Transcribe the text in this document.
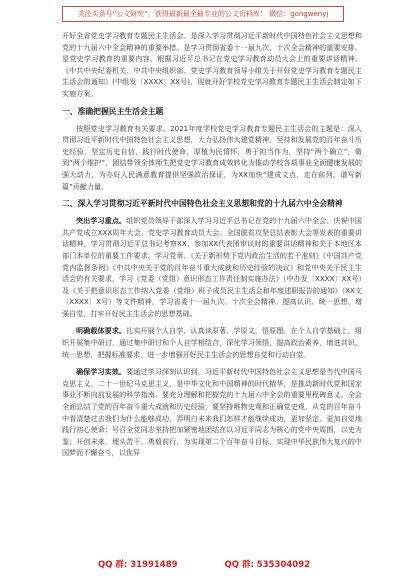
关注头条号“公文研究”，获得最新最全最专业的公文资料库！ 微信：gongwenyj

开好全省党史学习教育专题民主生活会。是深入学习贯彻习近平新时代中国特色社会主义思想和党的十九届六中全会精神的重要举措。是学习贯彻省委十一届九次、十次全会精神的重要安排。是党史学习教育的重要内容。根据习近平总书记在党史学习教育动员大会上的重要讲话精神、《中共中央纪委机关、中共中央组织部、党史学习教育领导小组关于开好党史学习教育专题民主生活会的通知》(中组发〔XXXX〕XX号)、现就开好学校党史学习教育专题民主生活会制定如下实施方案。

一、准确把握民主生活会主题

按照党史学习教育有关要求。2021年度学校党史学习教育专题民主生活会的主题是：深入贯彻习近平新时代中国特色社会主义思想，大力弘扬伟大建党精神，坚持和发展党的百年奋斗历史经验，坚定历史自信，践行时代使命，厚植为民情怀，勇于担当作为，坚持“两个确立”，做到“两个维护”，团结带领全体师生把党史学习教育成效转化为推动学校各项事业全面健康发展的强大动力，为办好人民满意教育提供坚强政治保证，为XX加快“建成文点，走在前列、谱写新篇”贡献力量。

二、深入学习贯彻习近平新时代中国特色社会主义思想和党的十九届六中全会精神

突出学习重点。组织党员领导干部深入学习习近平总书记在党的十九届六中全会、庆祝中国共产党成立XXX周年大会、党史学习教育动员大会、全国脱贫攻坚总结表彰大会等发表的重要讲话精神，学习贯彻习近平总书记考察XX、参加XX代表团审议时的重要讲话精神和关于本地区本部门本单位的重要工作要求，学习党章、《关于新形势下党内政治生活的若干准则》《中国共产党党内监督条例》《中共中央关于党的百年奋斗重大成就和历史经验的决议》和党中央关于民主生活会的有关要求，学习《党委（党组）意识形态工作责任制实施办法》（中办发〔XXXX〕XX号）及《关于把意识形态工作纳入党委（党组）班子成员民主生活会和年度述职报告的通知》（XX文〔XXXX〕X号）等文件精神，学习省委十一届九次、十次全会精神。提高认识、统一思想、增强自觉，打牢开好民主生活会的思想基础。

明确载体要求。扎实开展个人自学，认真读原著、学原文、悟原理。在个人自学基础上，组织开展集中研讨，通过集中研讨和个人自学相结合，深化学习领悟，提高政治素养，增进共识、统一思想，把握标准要求，进一步增强开好民主生活会的思想自觉和行动自觉。

确保学习实效。要通过学习深刻认识到，习近平新时代中国特色社会主义思想是当代中国马克思主义、二十一世纪马克思主义，是中华文化和中国精神的时代精华，是推动新时代党和国家事业不断向前发展的科学指南。要充分理解和把握党的十九届六中全会的重要里程碑意义。全会全面总结了党的百年奋斗重大成就和历史经验，要坚持唯物史观和正确党史观，从党的百年奋斗中看清楚过去我们为什么能够成功、弄明白未来我们怎样才能继续成功，更加坚定、更加自觉地践行初心使命；号召全党同志坚持把加紧密地团结在以习近平同志为核心的党中央周围，以史为鉴、开创未来，埋头苦干、勇毅前行，为实现第二个百年奋斗目标、实现中华民族伟大复兴的中国梦而不懈奋斗，以优异

QQ 群: 31991489	QQ 群: 535304092
